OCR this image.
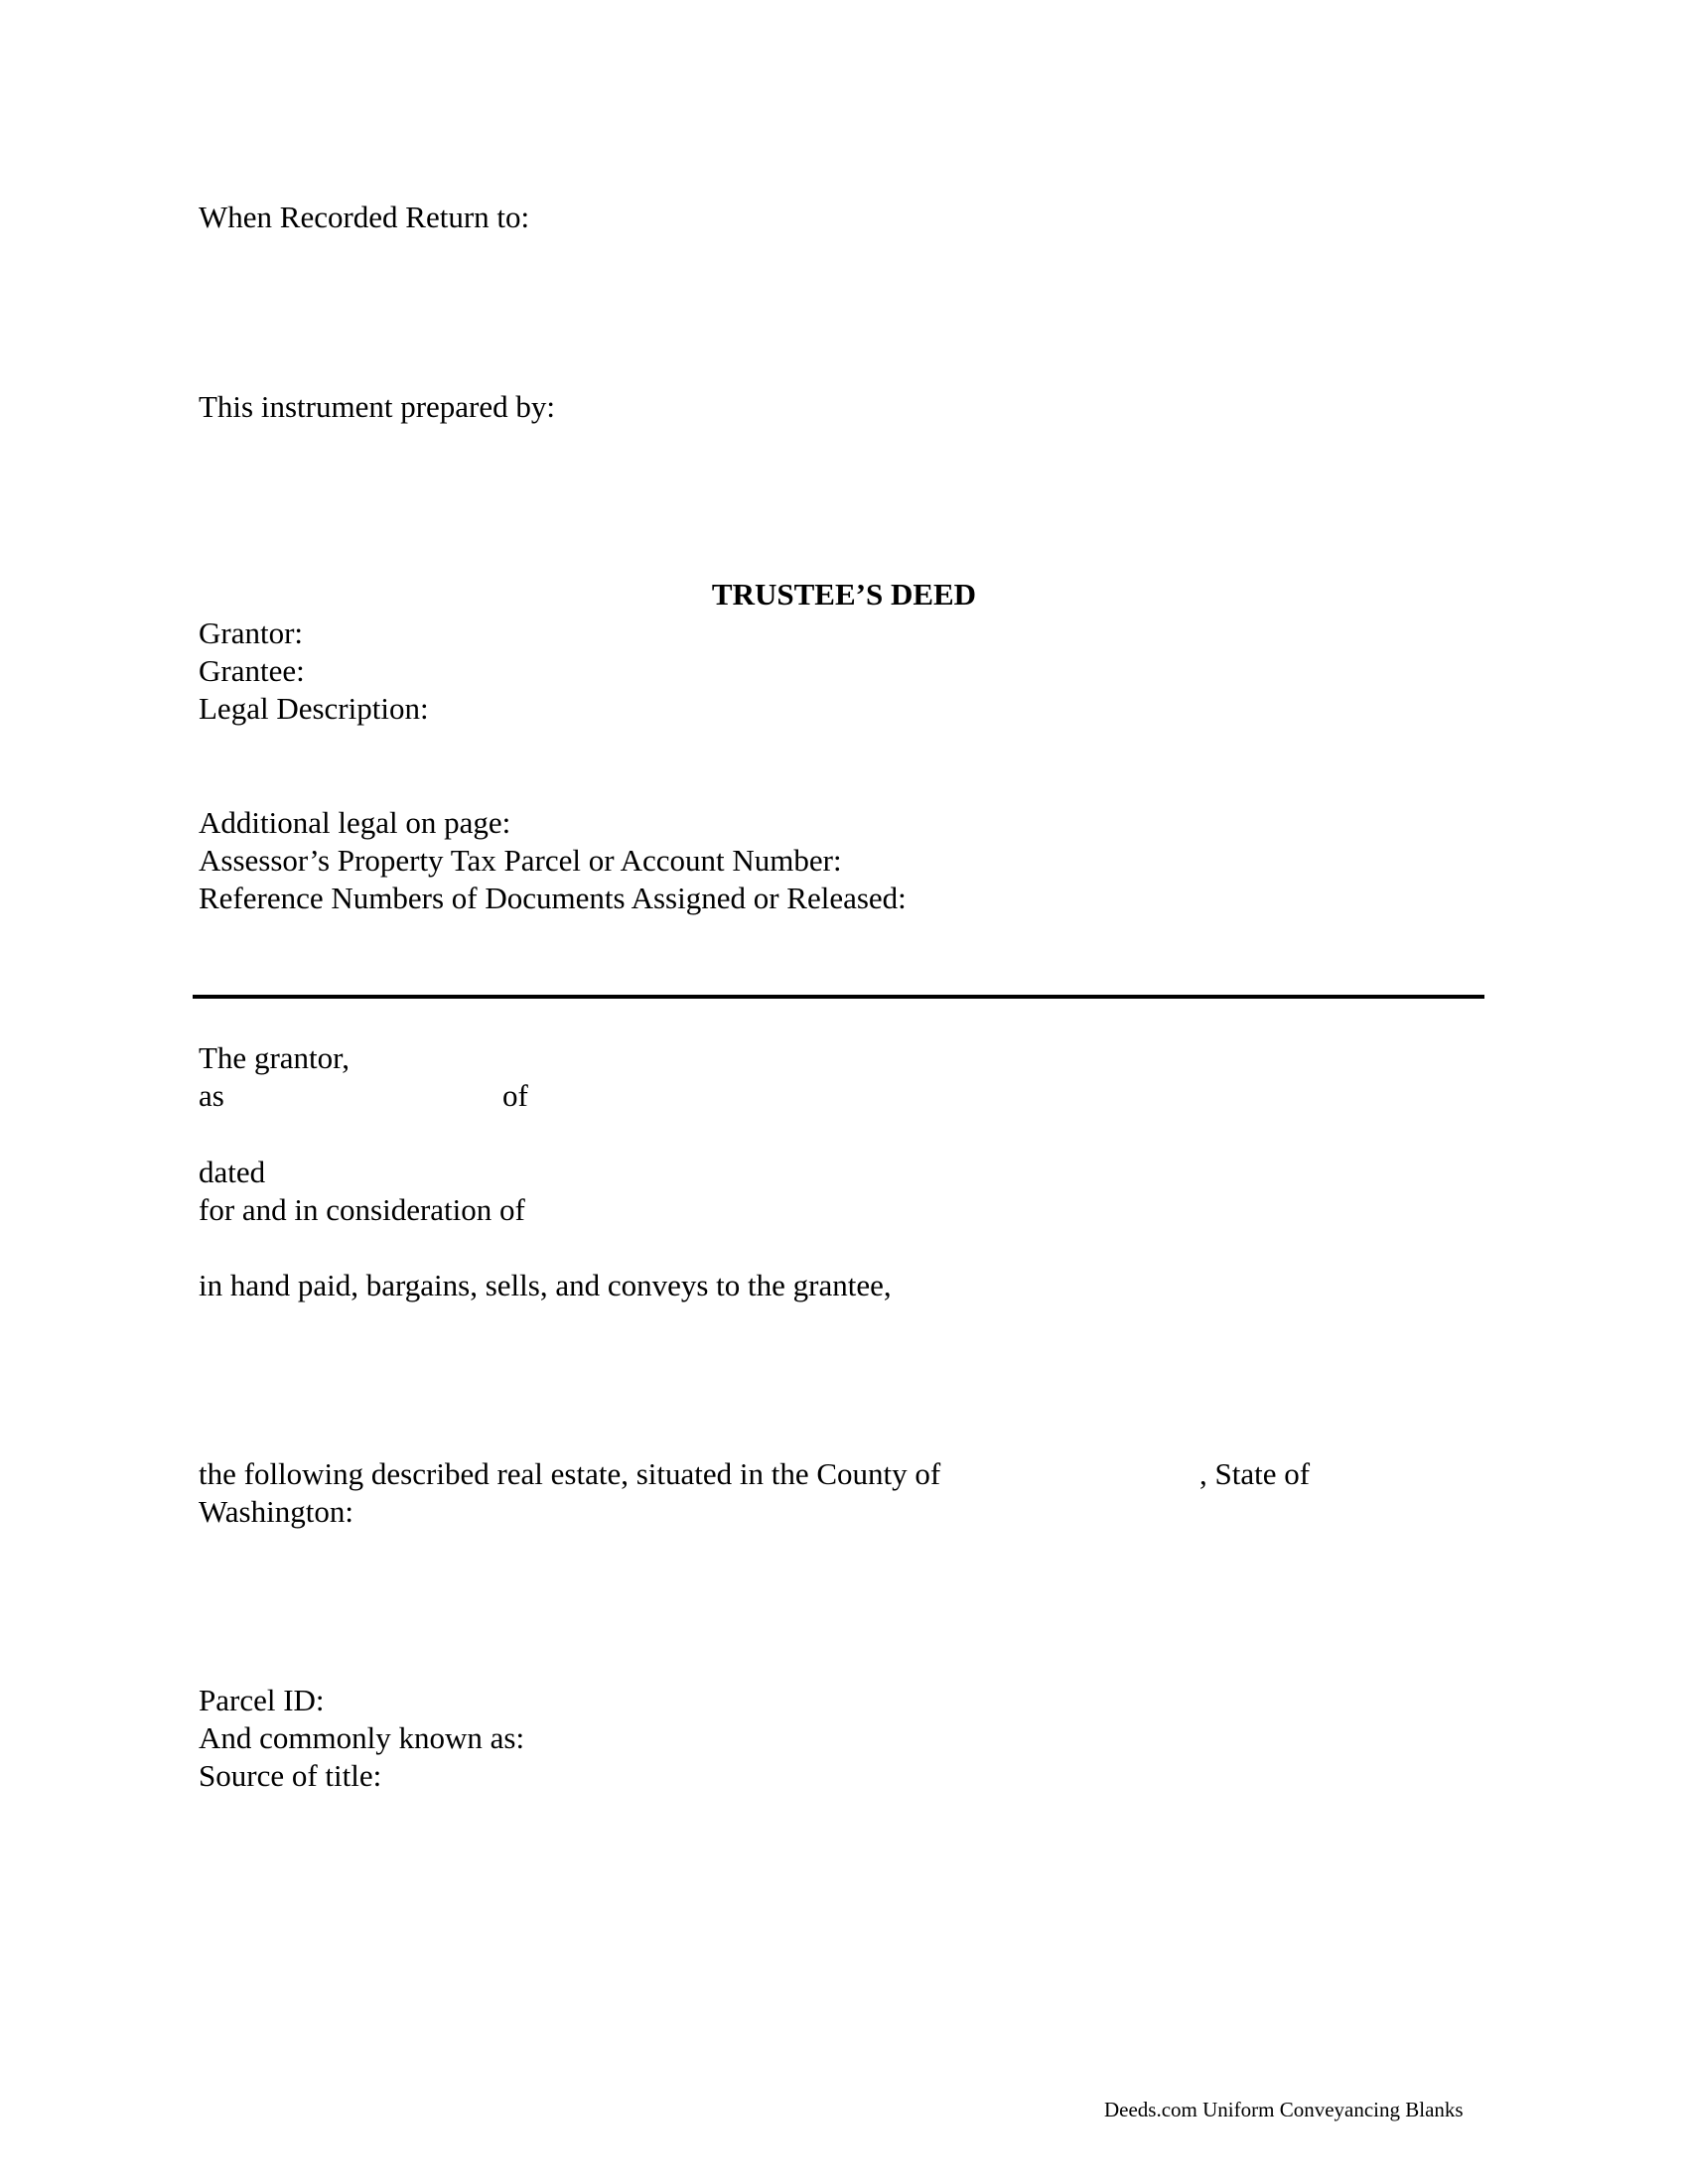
When Recorded Return to:

This instrument prepared by:

TRUSTEE’S DEED

Grantor:

Grantee:

Legal Description:

Additional legal on page:

Assessor’s Property Tax Parcel or Account Number:

Reference Numbers of Documents Assigned or Released:

The grantor,

as	of

dated

for and in consideration of

in hand paid, bargains, sells, and conveys to the grantee,

the following described real estate, situated in the County of	, State of

Washington:

Parcel ID:

And commonly known as:

Source of title:

Deeds.com Uniform Conveyancing Blanks
